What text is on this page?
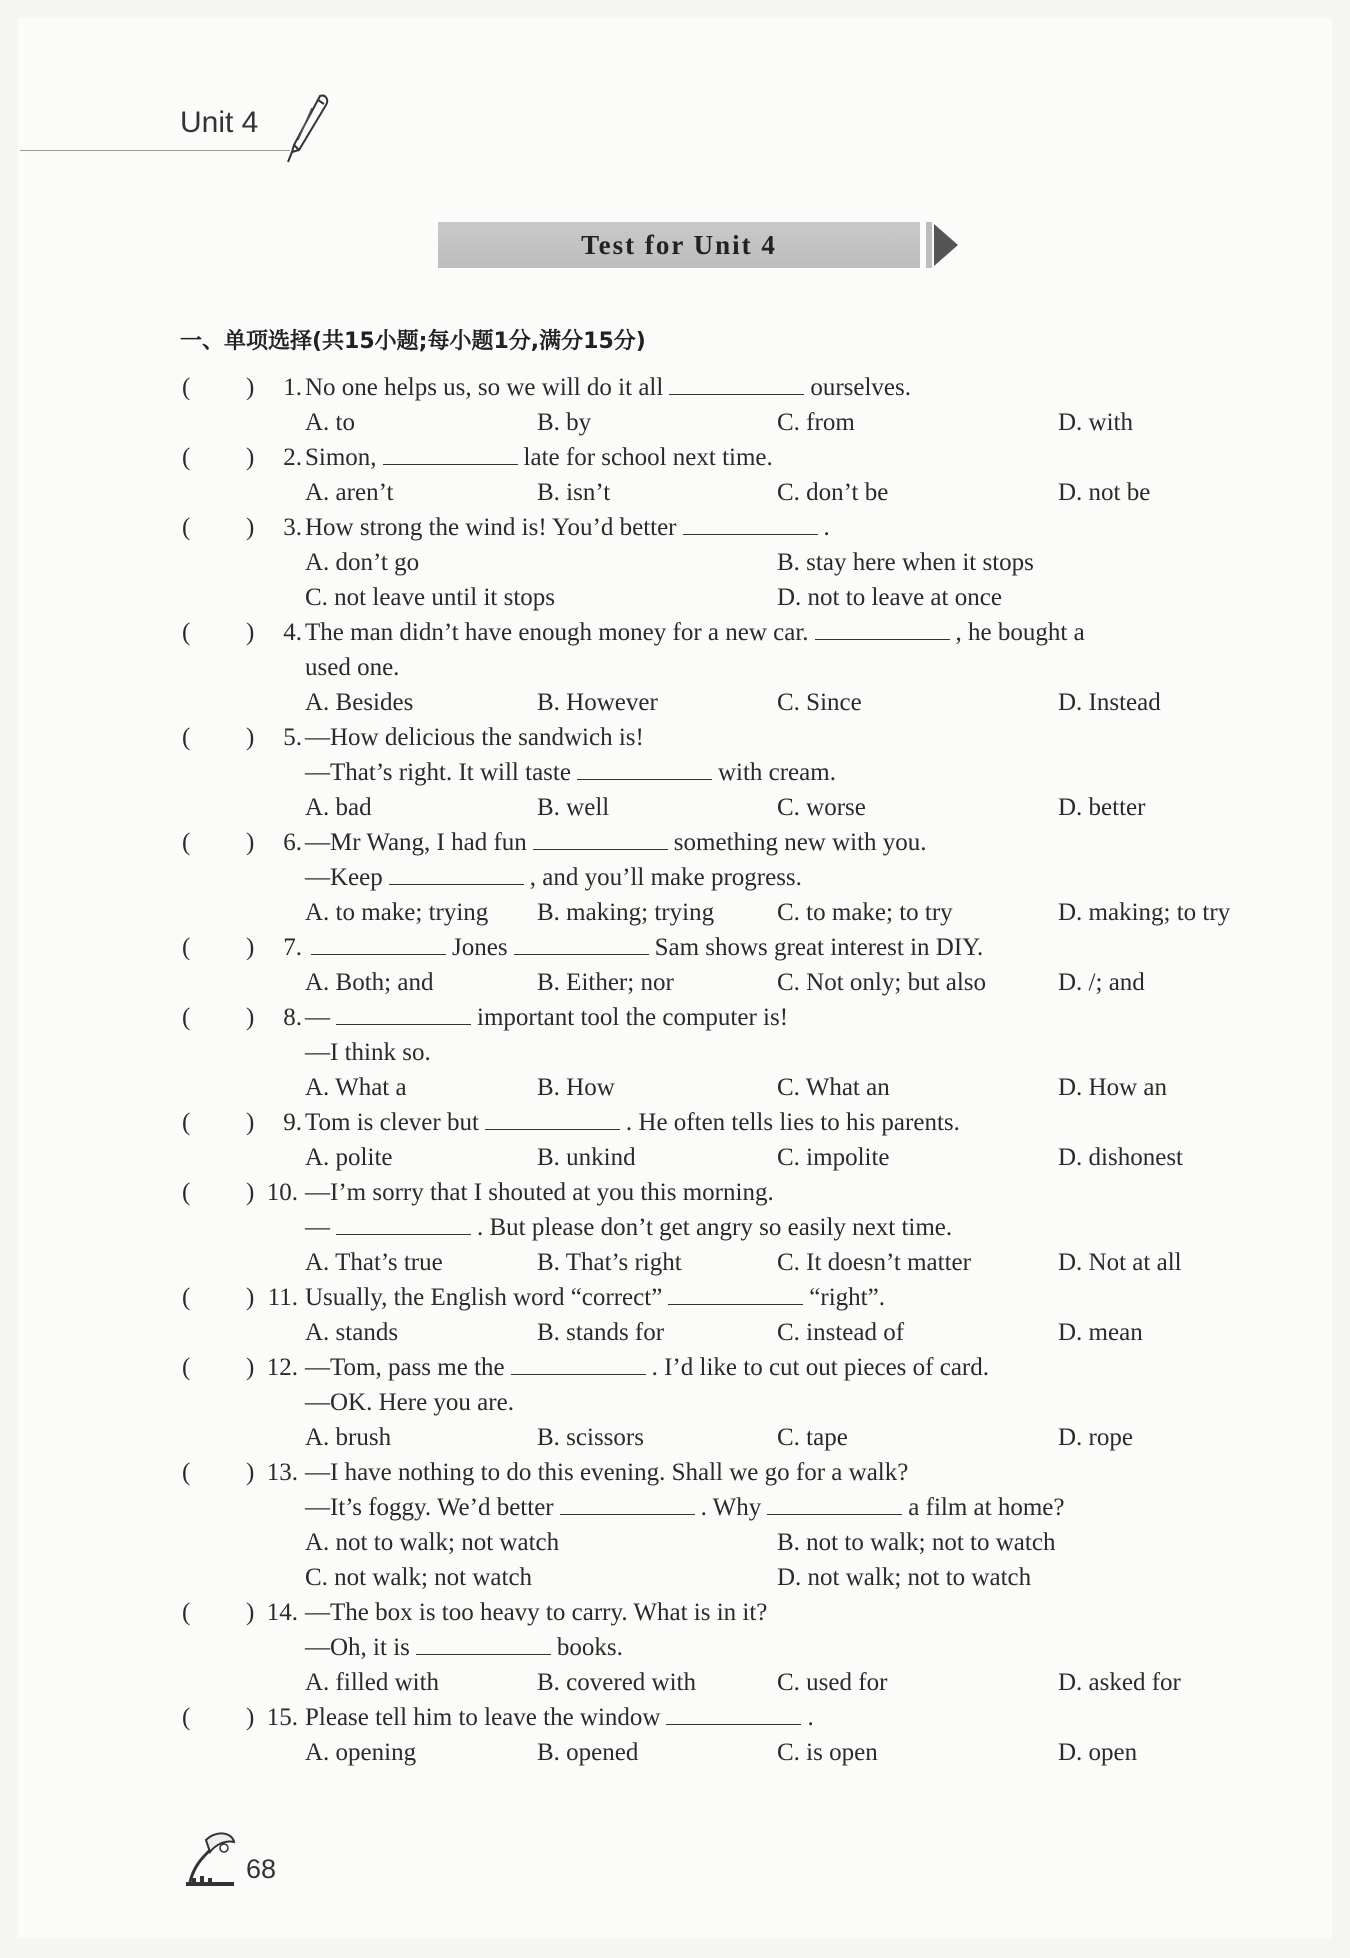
Unit 4
Test for Unit 4
一、单项选择(共15小题;每小题1分,满分15分)
( )	1. No one helps us, so we will do it all	ourselves.
A. to	B. by	C. from	D. with
( )	2. Simon,	late for school next time.
A. aren’t	B. isn’t	C. don’t be	D. not be
( )	3. How strong the wind is! You’d better	.
A. don’t go	B. stay here when it stops
C. not leave until it stops	D. not to leave at once
( )	4. The man didn’t have enough money for a new car.	, he bought a
used one.
A. Besides	B. However	C. Since	D. Instead
( )	5. —How delicious the sandwich is!
—That’s right. It will taste	with cream.
A. bad	B. well	C. worse	D. better
( )	6. —Mr Wang, I had fun	something new with you.
—Keep	, and you’ll make progress.
A. to make; trying B. making; trying	C. to make; to try	D. making; to try
( )	7.	Jones	Sam shows great interest in DIY.
A. Both; and	B. Either; nor	C. Not only; but also	D. /; and
( )	8. —	important tool the computer is!
—I think so.
A. What a	B. How	C. What an	D. How an
( )	9. Tom is clever but	. He often tells lies to his parents.
A. polite	B. unkind	C. impolite	D. dishonest
( ) 10. —I’m sorry that I shouted at you this morning.
—	. But please don’t get angry so easily next time.
A. That’s true	B. That’s right	C. It doesn’t matter	D. Not at all
( ) 11. Usually, the English word “correct”	“right”.
A. stands	B. stands for	C. instead of	D. mean
( ) 12. —Tom, pass me the	. I’d like to cut out pieces of card.
—OK. Here you are.
A. brush	B. scissors	C. tape	D. rope
( ) 13. —I have nothing to do this evening. Shall we go for a walk?
—It’s foggy. We’d better	. Why	a film at home?
A. not to walk; not watch	B. not to walk; not to watch
C. not walk; not watch	D. not walk; not to watch
( ) 14. —The box is too heavy to carry. What is in it?
—Oh, it is	books.
A. filled with	B. covered with	C. used for	D. asked for
( ) 15. Please tell him to leave the window	.
A. opening	B. opened	C. is open	D. open
68
